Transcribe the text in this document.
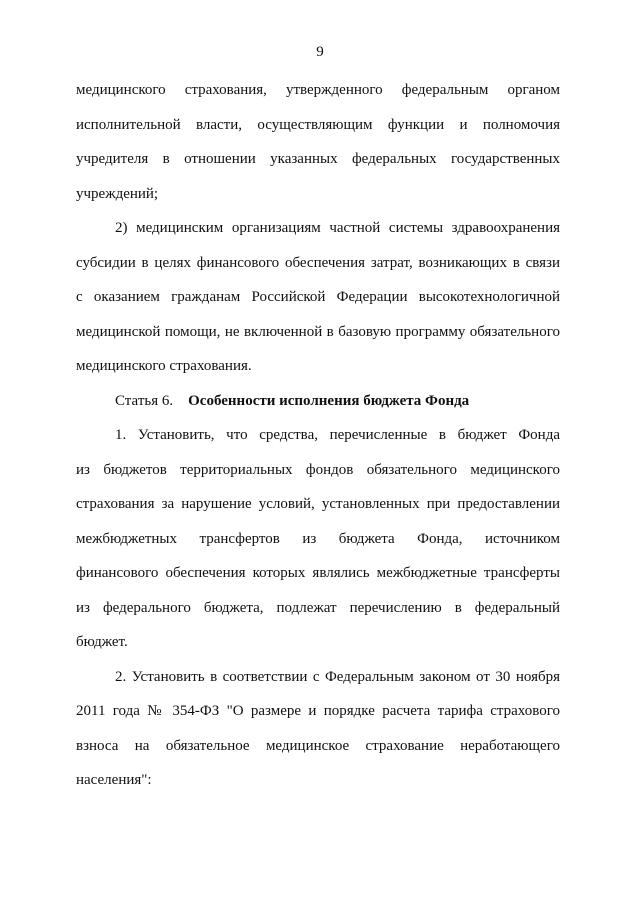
9
медицинского страхования, утвержденного федеральным органом
исполнительной власти, осуществляющим функции и полномочия
учредителя в отношении указанных федеральных государственных
учреждений;
2) медицинским организациям частной системы здравоохранения
субсидии в целях финансового обеспечения затрат, возникающих в связи
с оказанием гражданам Российской Федерации высокотехнологичной
медицинской помощи, не включенной в базовую программу обязательного
медицинского страхования.
Статья 6. Особенности исполнения бюджета Фонда
1. Установить, что средства, перечисленные в бюджет Фонда
из бюджетов территориальных фондов обязательного медицинского
страхования за нарушение условий, установленных при предоставлении
межбюджетных трансфертов из бюджета Фонда, источником
финансового обеспечения которых являлись межбюджетные трансферты
из федерального бюджета, подлежат перечислению в федеральный
бюджет.
2. Установить в соответствии с Федеральным законом от 30 ноября
2011 года № 354-ФЗ "О размере и порядке расчета тарифа страхового
взноса на обязательное медицинское страхование неработающего
населения":
